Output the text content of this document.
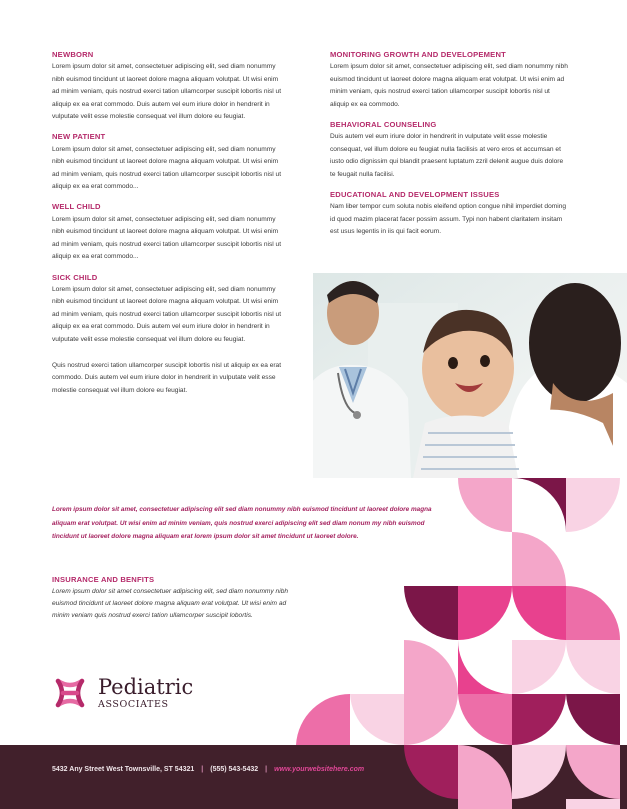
NEWBORN

Lorem ipsum dolor sit amet, consectetuer adipiscing elit, sed diam nonummy nibh euismod tincidunt ut laoreet dolore magna aliquam volutpat. Ut wisi enim ad minim veniam, quis nostrud exerci tation ullamcorper suscipit lobortis nisl ut aliquip ex ea erat commodo. Duis autem vel eum iriure dolor in hendrerit in vulputate velit esse molestie consequat vel illum dolore eu feugiat.

NEW PATIENT

Lorem ipsum dolor sit amet, consectetuer adipiscing elit, sed diam nonummy nibh euismod tincidunt ut laoreet dolore magna aliquam volutpat. Ut wisi enim ad minim veniam, quis nostrud exerci tation ullamcorper suscipit lobortis nisl ut aliquip ex ea erat commodo...

WELL CHILD

Lorem ipsum dolor sit amet, consectetuer adipiscing elit, sed diam nonummy nibh euismod tincidunt ut laoreet dolore magna aliquam volutpat. Ut wisi enim ad minim veniam, quis nostrud exerci tation ullamcorper suscipit lobortis nisl ut aliquip ex ea erat commodo...

SICK CHILD

Lorem ipsum dolor sit amet, consectetuer adipiscing elit, sed diam nonummy nibh euismod tincidunt ut laoreet dolore magna aliquam volutpat. Ut wisi enim ad minim veniam, quis nostrud exerci tation ullamcorper suscipit lobortis nisl ut aliquip ex ea erat commodo. Duis autem vel eum iriure dolor in hendrerit in vulputate velit esse molestie consequat vel illum dolore eu feugiat.

Quis nostrud exerci tation ullamcorper suscipit lobortis nisl ut aliquip ex ea erat commodo. Duis autem vel eum iriure dolor in hendrerit in vulputate velit esse molestie consequat vel illum dolore eu feugiat.

MONITORING GROWTH AND DEVELOPEMENT

Lorem ipsum dolor sit amet, consectetuer adipiscing elit, sed diam nonummy nibh euismod tincidunt ut laoreet dolore magna aliquam erat volutpat. Ut wisi enim ad minim veniam, quis nostrud exerci tation ullamcorper suscipit lobortis nisl ut aliquip ex ea commodo.

BEHAVIORAL COUNSELING

Duis autem vel eum iriure dolor in hendrerit in vulputate velit esse molestie consequat, vel illum dolore eu feugiat nulla facilisis at vero eros et accumsan et iusto odio dignissim qui blandit praesent luptatum zzril delenit augue duis dolore te feugait nulla facilisi.

EDUCATIONAL AND DEVELOPMENT ISSUES

Nam liber tempor cum soluta nobis eleifend option congue nihil imperdiet doming id quod mazim placerat facer possim assum. Typi non habent claritatem insitam est usus legentis in iis qui facit eorum.

Lorem ipsum dolor sit amet, consectetuer adipiscing elit sed diam nonummy nibh euismod tincidunt ut laoreet dolore magna aliquam erat volutpat. Ut wisi enim ad minim veniam, quis nostrud exerci adipiscing elit sed diam nonum my nibh euismod tincidunt ut laoreet dolore magna aliquam erat lorem ipsum dolor sit amet tincidunt ut laoreet dolore.

INSURANCE AND BENFITS

Lorem ipsum dolor sit amet consectetuer adipiscing elit, sed diam nonummy nibh euismod tincidunt ut laoreet dolore magna aliquam erat volutpat. Ut wisi enim ad minim veniam quis nostrud exerci tation ullamcorper suscipit lobortis.

Pediatric
ASSOCIATES
5432 Any Street West Townsville, ST 54321 | (555) 543-5432 | www.yourwebsitehere.com
